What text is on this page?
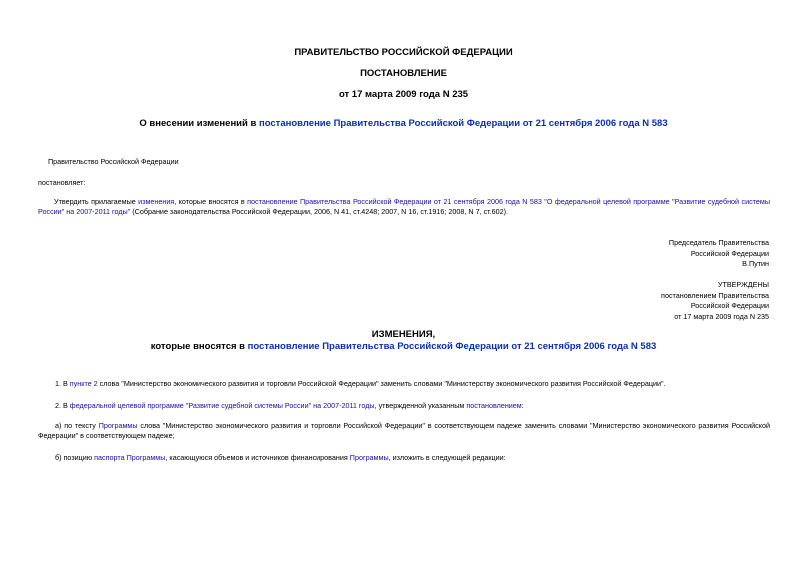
ПРАВИТЕЛЬСТВО РОССИЙСКОЙ ФЕДЕРАЦИИ
ПОСТАНОВЛЕНИЕ
от 17 марта 2009 года N 235
О внесении изменений в постановление Правительства Российской Федерации от 21 сентября 2006 года N 583
Правительство Российской Федерации
постановляет:
Утвердить прилагаемые изменения, которые вносятся в постановление Правительства Российской Федерации от 21 сентября 2006 года N 583 "О федеральной целевой программе "Развитие судебной системы России" на 2007-2011 годы" (Собрание законодательства Российской Федерации, 2006, N 41, ст.4248; 2007, N 16, ст.1916; 2008, N 7, ст.602).
Председатель Правительства
Российской Федерации
В.Путин
УТВЕРЖДЕНЫ
постановлением Правительства
Российской Федерации
от 17 марта 2009 года N 235
ИЗМЕНЕНИЯ,
которые вносятся в постановление Правительства Российской Федерации от 21 сентября 2006 года N 583
1. В пункте 2 слова "Министерство экономического развития и торговли Российской Федерации" заменить словами "Министерству экономического развития Российской Федерации".
2. В федеральной целевой программе "Развитие судебной системы России" на 2007-2011 годы, утвержденной указанным постановлением:
а) по тексту Программы слова "Министерство экономического развития и торговли Российской Федерации" в соответствующем падеже заменить словами "Министерство экономического развития Российской Федерации" в соответствующем падеже;
б) позицию паспорта Программы, касающуюся объемов и источников финансирования Программы, изложить в следующей редакции:
